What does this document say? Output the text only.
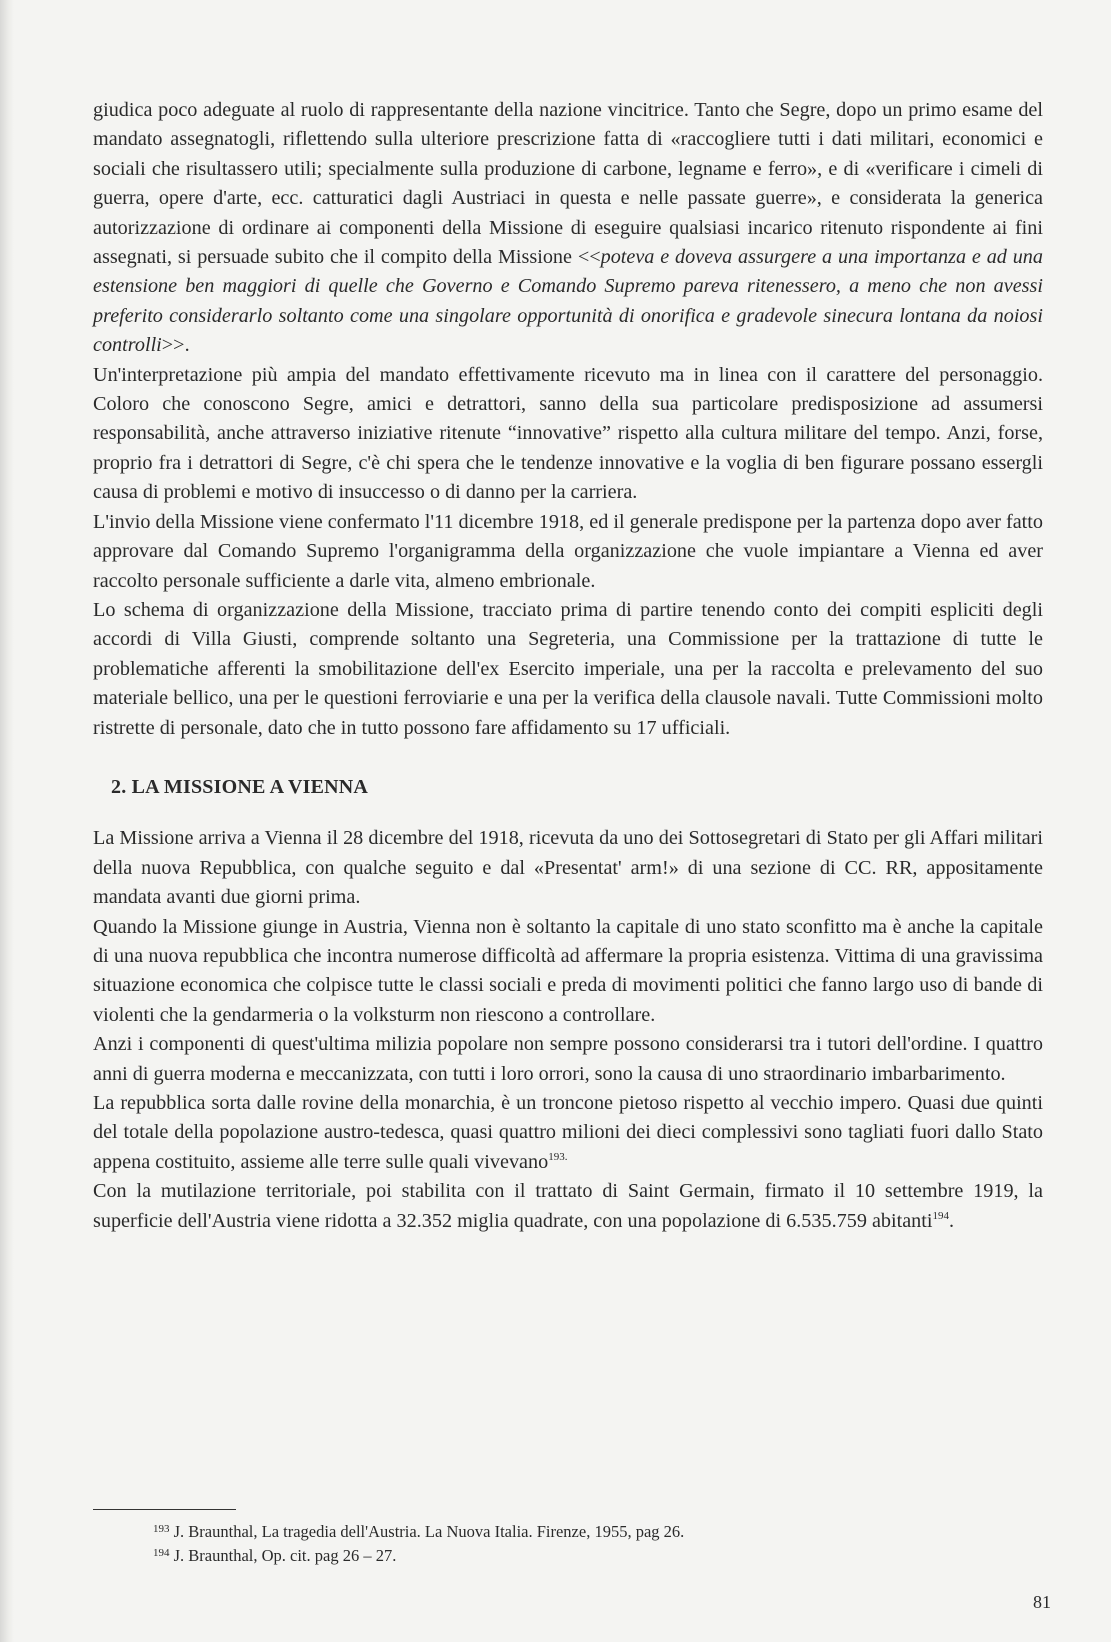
giudica poco adeguate al ruolo di rappresentante della nazione vincitrice. Tanto che Segre, dopo un primo esame del mandato assegnatogli, riflettendo sulla ulteriore prescrizione fatta di «raccogliere tutti i dati militari, economici e sociali che risultassero utili; specialmente sulla produzione di carbone, legname e ferro», e di «verificare i cimeli di guerra, opere d'arte, ecc. catturatici dagli Austriaci in questa e nelle passate guerre», e considerata la generica autorizzazione di ordinare ai componenti della Missione di eseguire qualsiasi incarico ritenuto rispondente ai fini assegnati, si persuade subito che il compito della Missione <<poteva e doveva assurgere a una importanza e ad una estensione ben maggiori di quelle che Governo e Comando Supremo pareva ritenessero, a meno che non avessi preferito considerarlo soltanto come una singolare opportunità di onorifica e gradevole sinecura lontana da noiosi controlli>>.

Un'interpretazione più ampia del mandato effettivamente ricevuto ma in linea con il carattere del personaggio. Coloro che conoscono Segre, amici e detrattori, sanno della sua particolare predisposizione ad assumersi responsabilità, anche attraverso iniziative ritenute “innovative” rispetto alla cultura militare del tempo. Anzi, forse, proprio fra i detrattori di Segre, c'è chi spera che le tendenze innovative e la voglia di ben figurare possano essergli causa di problemi e motivo di insuccesso o di danno per la carriera.

L'invio della Missione viene confermato l'11 dicembre 1918, ed il generale predispone per la partenza dopo aver fatto approvare dal Comando Supremo l'organigramma della organizzazione che vuole impiantare a Vienna ed aver raccolto personale sufficiente a darle vita, almeno embrionale.

Lo schema di organizzazione della Missione, tracciato prima di partire tenendo conto dei compiti espliciti degli accordi di Villa Giusti, comprende soltanto una Segreteria, una Commissione per la trattazione di tutte le problematiche afferenti la smobilitazione dell'ex Esercito imperiale, una per la raccolta e prelevamento del suo materiale bellico, una per le questioni ferroviarie e una per la verifica della clausole navali. Tutte Commissioni molto ristrette di personale, dato che in tutto possono fare affidamento su 17 ufficiali.

2. LA MISSIONE A VIENNA

La Missione arriva a Vienna il 28 dicembre del 1918, ricevuta da uno dei Sottosegretari di Stato per gli Affari militari della nuova Repubblica, con qualche seguito e dal «Presentat' arm!» di una sezione di CC. RR, appositamente mandata avanti due giorni prima.

Quando la Missione giunge in Austria, Vienna non è soltanto la capitale di uno stato sconfitto ma è anche la capitale di una nuova repubblica che incontra numerose difficoltà ad affermare la propria esistenza. Vittima di una gravissima situazione economica che colpisce tutte le classi sociali e preda di movimenti politici che fanno largo uso di bande di violenti che la gendarmeria o la volksturm non riescono a controllare.

Anzi i componenti di quest'ultima milizia popolare non sempre possono considerarsi tra i tutori dell'ordine. I quattro anni di guerra moderna e meccanizzata, con tutti i loro orrori, sono la causa di uno straordinario imbarbarimento.

La repubblica sorta dalle rovine della monarchia, è un troncone pietoso rispetto al vecchio impero. Quasi due quinti del totale della popolazione austro-tedesca, quasi quattro milioni dei dieci complessivi sono tagliati fuori dallo Stato appena costituito, assieme alle terre sulle quali vivevano$^{193.}$

Con la mutilazione territoriale, poi stabilita con il trattato di Saint Germain, firmato il 10 settembre 1919, la superficie dell'Austria viene ridotta a 32.352 miglia quadrate, con una popolazione di 6.535.759 abitanti$^{194}$.

$^{193}$ J. Braunthal, La tragedia dell'Austria. La Nuova Italia. Firenze, 1955, pag 26.

$^{194}$ J. Braunthal, Op. cit. pag 26 – 27.

81
